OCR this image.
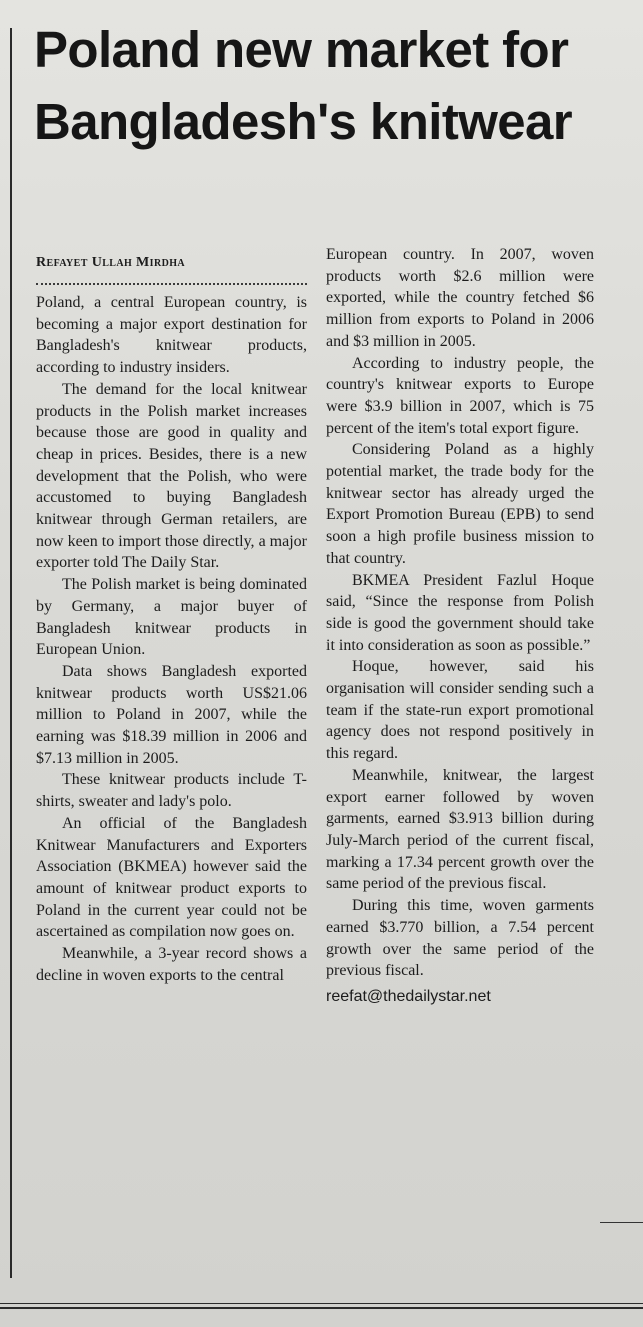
Poland new market for Bangladesh's knitwear
Refayet Ullah Mirdha

Poland, a central European country, is becoming a major export destination for Bangladesh's knitwear products, according to industry insiders.

The demand for the local knitwear products in the Polish market increases because those are good in quality and cheap in prices. Besides, there is a new development that the Polish, who were accustomed to buying Bangladesh knitwear through German retailers, are now keen to import those directly, a major exporter told The Daily Star.

The Polish market is being dominated by Germany, a major buyer of Bangladesh knitwear products in European Union.

Data shows Bangladesh exported knitwear products worth US$21.06 million to Poland in 2007, while the earning was $18.39 million in 2006 and $7.13 million in 2005.

These knitwear products include T-shirts, sweater and lady's polo.

An official of the Bangladesh Knitwear Manufacturers and Exporters Association (BKMEA) however said the amount of knitwear product exports to Poland in the current year could not be ascertained as compilation now goes on.

Meanwhile, a 3-year record shows a decline in woven exports to the central

European country. In 2007, woven products worth $2.6 million were exported, while the country fetched $6 million from exports to Poland in 2006 and $3 million in 2005.

According to industry people, the country's knitwear exports to Europe were $3.9 billion in 2007, which is 75 percent of the item's total export figure.

Considering Poland as a highly potential market, the trade body for the knitwear sector has already urged the Export Promotion Bureau (EPB) to send soon a high profile business mission to that country.

BKMEA President Fazlul Hoque said, “Since the response from Polish side is good the government should take it into consideration as soon as possible.”

Hoque, however, said his organisation will consider sending such a team if the state-run export promotional agency does not respond positively in this regard.

Meanwhile, knitwear, the largest export earner followed by woven garments, earned $3.913 billion during July-March period of the current fiscal, marking a 17.34 percent growth over the same period of the previous fiscal.

During this time, woven garments earned $3.770 billion, a 7.54 percent growth over the same period of the previous fiscal.

reefat@thedailystar.net
